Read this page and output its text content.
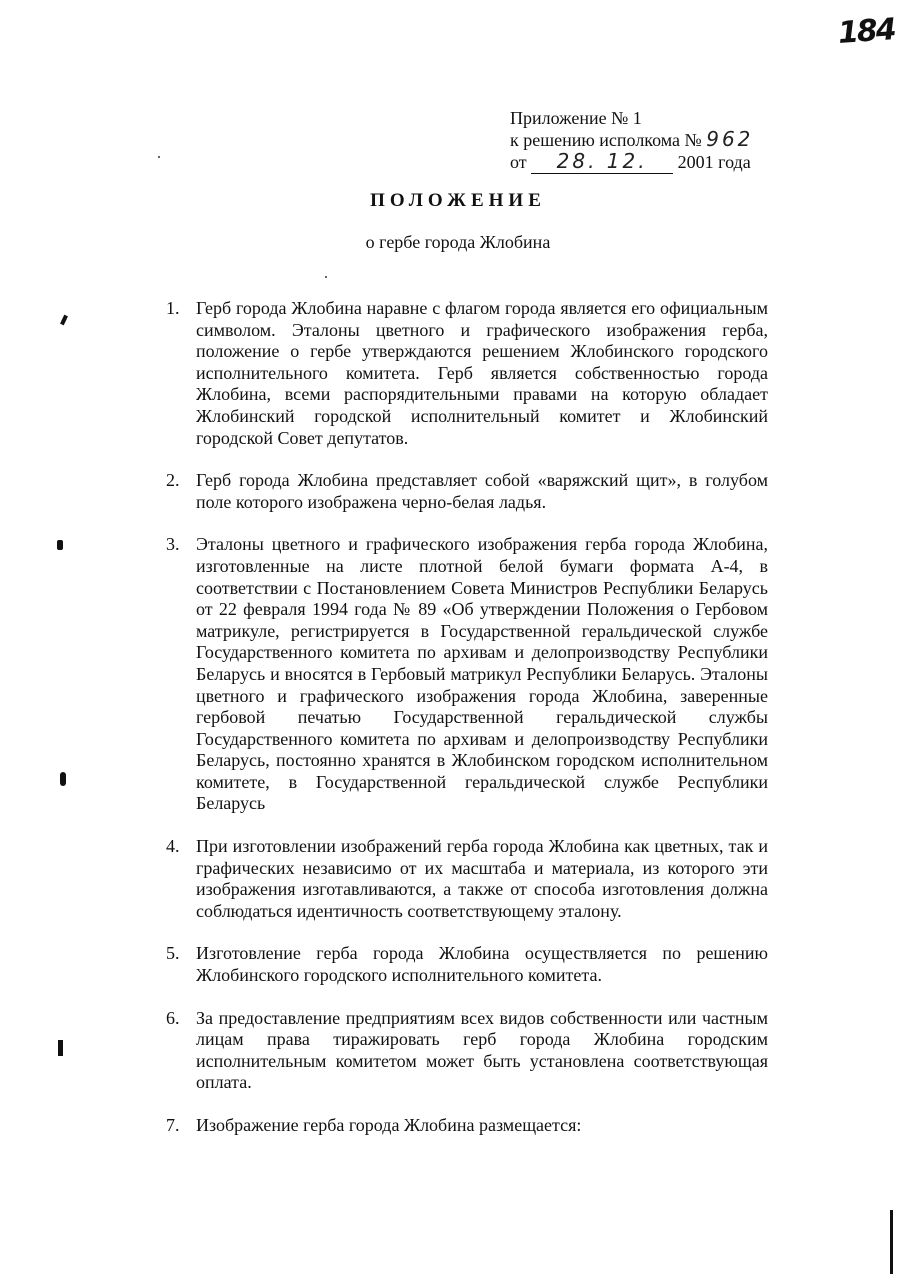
184
Приложение № 1
к решению исполкома № 962
от 28. 12. 2001 года
ПОЛОЖЕНИЕ
о гербе города Жлобина
1. Герб города Жлобина наравне с флагом города является его официальным символом. Эталоны цветного и графического изображения герба, положение о гербе утверждаются решением Жлобинского городского исполнительного комитета. Герб является собственностью города Жлобина, всеми распорядительными правами на которую обладает Жлобинский городской исполнительный комитет и Жлобинский городской Совет депутатов.
2. Герб города Жлобина представляет собой «варяжский щит», в голубом поле которого изображена черно-белая ладья.
3. Эталоны цветного и графического изображения герба города Жлобина, изготовленные на листе плотной белой бумаги формата А-4, в соответствии с Постановлением Совета Министров Республики Беларусь от 22 февраля 1994 года № 89 «Об утверждении Положения о Гербовом матрикуле, регистрируется в Государственной геральдической службе Государственного комитета по архивам и делопроизводству Республики Беларусь и вносятся в Гербовый матрикул Республики Беларусь. Эталоны цветного и графического изображения города Жлобина, заверенные гербовой печатью Государственной геральдической службы Государственного комитета по архивам и делопроизводству Республики Беларусь, постоянно хранятся в Жлобинском городском исполнительном комитете, в Государственной геральдической службе Республики Беларусь
4. При изготовлении изображений герба города Жлобина как цветных, так и графических независимо от их масштаба и материала, из которого эти изображения изготавливаются, а также от способа изготовления должна соблюдаться идентичность соответствующему эталону.
5. Изготовление герба города Жлобина осуществляется по решению Жлобинского городского исполнительного комитета.
6. За предоставление предприятиям всех видов собственности или частным лицам права тиражировать герб города Жлобина городским исполнительным комитетом может быть установлена соответствующая оплата.
7. Изображение герба города Жлобина размещается:
